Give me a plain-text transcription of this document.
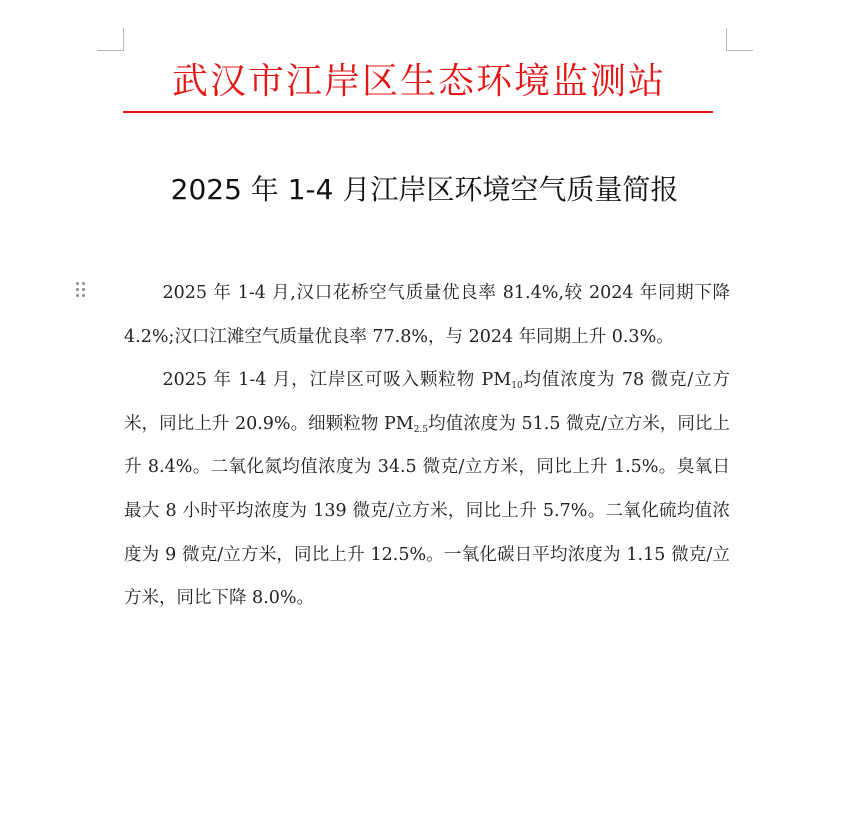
武汉市江岸区生态环境监测站
2025 年 1-4 月江岸区环境空气质量简报

2025 年 1-4 月,汉口花桥空气质量优良率 81.4%,较 2024 年同期下降 4.2%;汉口江滩空气质量优良率 77.8%，与 2024 年同期上升 0.3%。

2025 年 1-4 月，江岸区可吸入颗粒物 $PM_{10}$均值浓度为 78 微克/立方米，同比上升 20.9%。细颗粒物 $PM_{2.5}$均值浓度为 51.5 微克/立方米，同比上升 8.4%。二氧化氮均值浓度为 34.5 微克/立方米，同比上升 1.5%。臭氧日最大 8 小时平均浓度为 139 微克/立方米，同比上升 5.7%。二氧化硫均值浓度为 9 微克/立方米，同比上升 12.5%。一氧化碳日平均浓度为 1.15 微克/立方米，同比下降 8.0%。
